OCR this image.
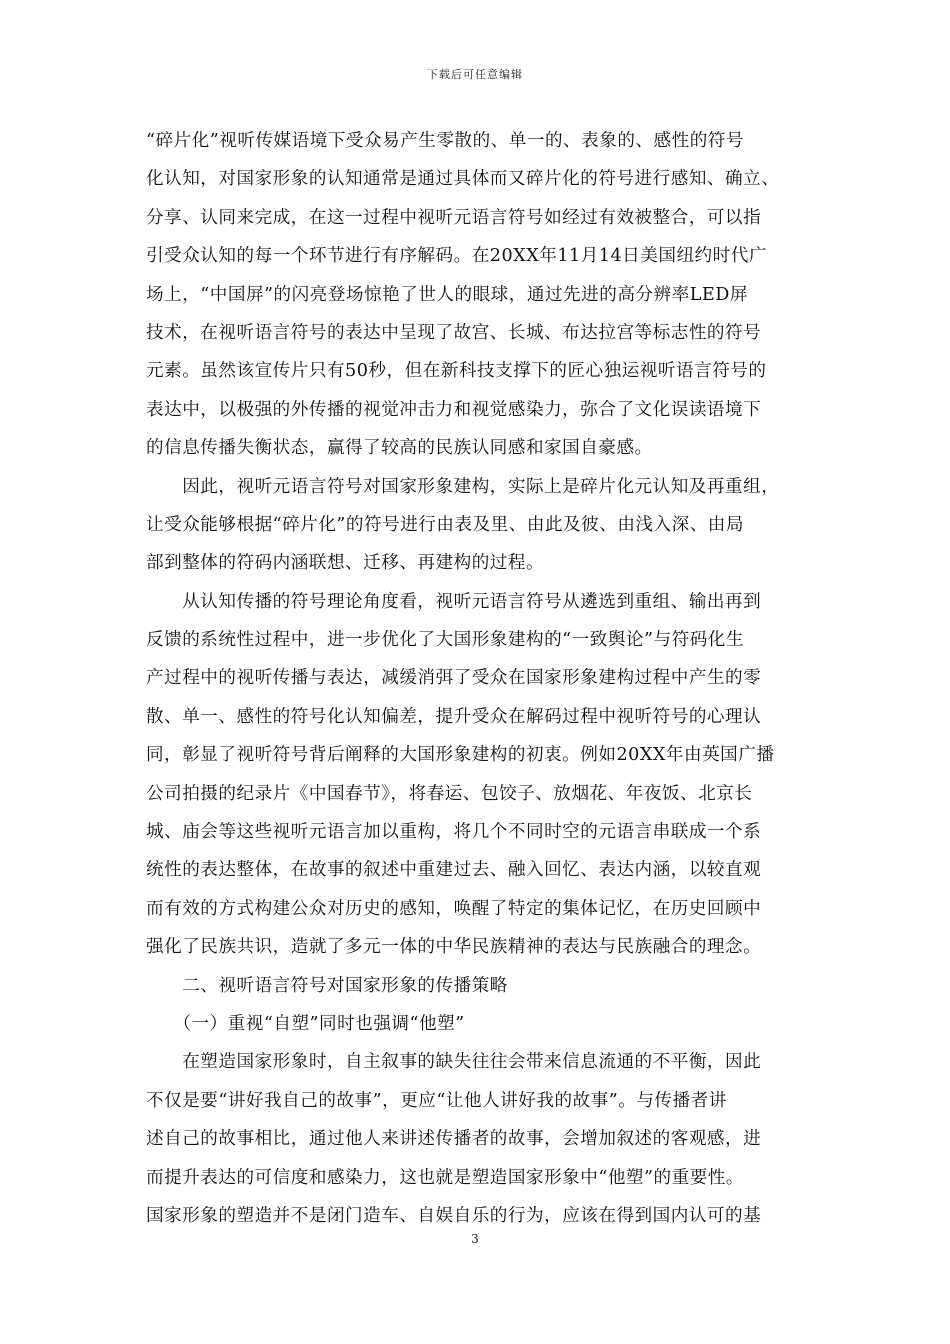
下载后可任意编辑
“碎片化”视听传媒语境下受众易产生零散的、单一的、表象的、感性的符号
化认知，对国家形象的认知通常是通过具体而又碎片化的符号进行感知、确立、
分享、认同来完成，在这一过程中视听元语言符号如经过有效被整合，可以指
引受众认知的每一个环节进行有序解码。在20XX年11月14日美国纽约时代广
场上，“中国屏”的闪亮登场惊艳了世人的眼球，通过先进的高分辨率LED屏
技术，在视听语言符号的表达中呈现了故宫、长城、布达拉宫等标志性的符号
元素。虽然该宣传片只有50秒，但在新科技支撑下的匠心独运视听语言符号的
表达中，以极强的外传播的视觉冲击力和视觉感染力，弥合了文化误读语境下
的信息传播失衡状态，赢得了较高的民族认同感和家国自豪感。
　　因此，视听元语言符号对国家形象建构，实际上是碎片化元认知及再重组，
让受众能够根据“碎片化”的符号进行由表及里、由此及彼、由浅入深、由局
部到整体的符码内涵联想、迁移、再建构的过程。
　　从认知传播的符号理论角度看，视听元语言符号从遴选到重组、输出再到
反馈的系统性过程中，进一步优化了大国形象建构的“一致舆论”与符码化生
产过程中的视听传播与表达，减缓消弭了受众在国家形象建构过程中产生的零
散、单一、感性的符号化认知偏差，提升受众在解码过程中视听符号的心理认
同，彰显了视听符号背后阐释的大国形象建构的初衷。例如20XX年由英国广播
公司拍摄的纪录片《中国春节》，将春运、包饺子、放烟花、年夜饭、北京长
城、庙会等这些视听元语言加以重构，将几个不同时空的元语言串联成一个系
统性的表达整体，在故事的叙述中重建过去、融入回忆、表达内涵，以较直观
而有效的方式构建公众对历史的感知，唤醒了特定的集体记忆，在历史回顾中
强化了民族共识，造就了多元一体的中华民族精神的表达与民族融合的理念。
　　二、视听语言符号对国家形象的传播策略
　　（一）重视“自塑”同时也强调“他塑”
　　在塑造国家形象时，自主叙事的缺失往往会带来信息流通的不平衡，因此
不仅是要“讲好我自己的故事”，更应“让他人讲好我的故事”。与传播者讲
述自己的故事相比，通过他人来讲述传播者的故事，会增加叙述的客观感，进
而提升表达的可信度和感染力，这也就是塑造国家形象中“他塑”的重要性。
国家形象的塑造并不是闭门造车、自娱自乐的行为，应该在得到国内认可的基
3
